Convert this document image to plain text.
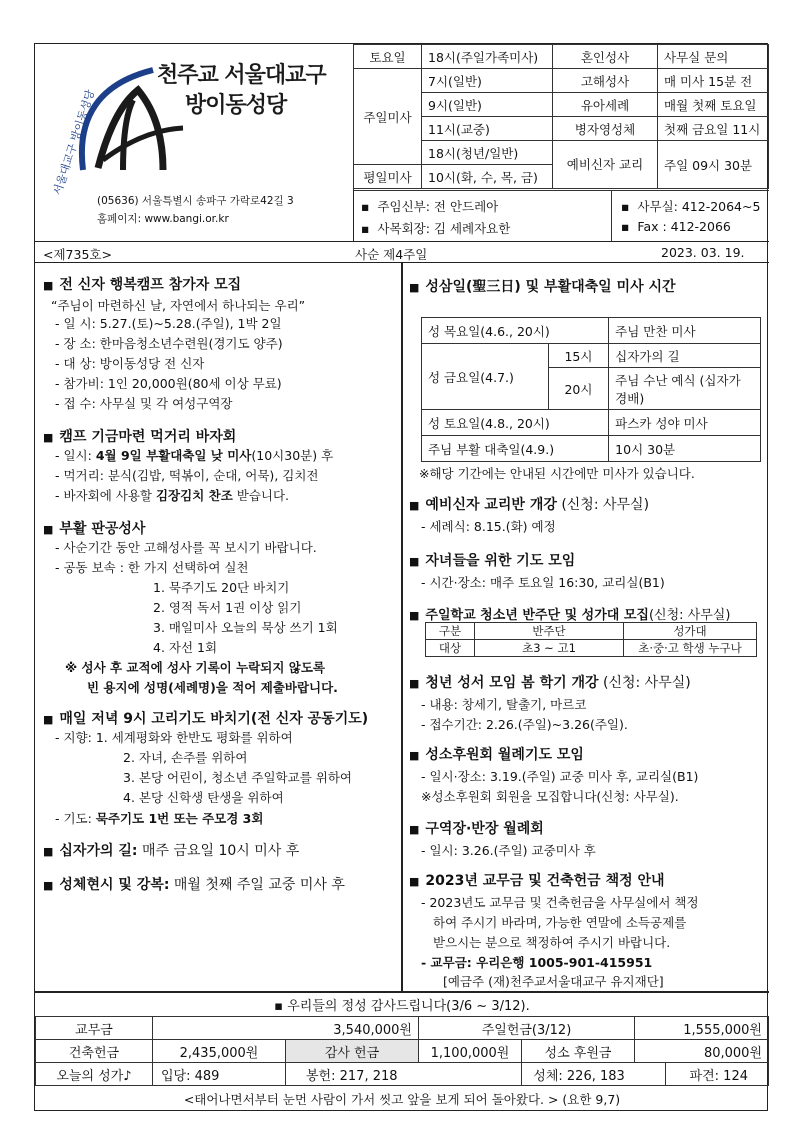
서울대교구 방이동성당
천주교 서울대교구
방이동성당
(05636) 서울특별시 송파구 가락로42길 3
홈페이지: www.bangi.or.kr
토요일	18시(주일가족미사)	혼인성사	사무실 문의
주일미사	7시(일반)	고해성사	매 미사 15분 전
	9시(일반)	유아세례	매월 첫째 토요일
	11시(교중)	병자영성체	첫째 금요일 11시
	18시(청년/일반)	예비신자 교리	주일 09시 30분
평일미사	10시(화, 수, 목, 금)		
▪  주임신부: 전 안드레아
▪  사목회장: 김 세례자요한
▪  사무실: 412-2064~5
▪  Fax : 412-2066
<제735호>	사순 제4주일	2023. 03. 19.
■ 전 신자 행복캠프 참가자 모집
“주님이 마련하신 날, 자연에서 하나되는 우리”
- 일 시: 5.27.(토)~5.28.(주일), 1박 2일
- 장 소: 한마음청소년수련원(경기도 양주)
- 대 상: 방이동성당 전 신자
- 참가비: 1인 20,000원(80세 이상 무료)
- 접 수: 사무실 및 각 여성구역장
■ 캠프 기금마련 먹거리 바자회
- 일시: 4월 9일 부활대축일 낮 미사(10시30분) 후
- 먹거리: 분식(김밥, 떡볶이, 순대, 어묵), 김치전
- 바자회에 사용할 김장김치 찬조 받습니다.
■ 부활 판공성사
- 사순기간 동안 고해성사를 꼭 보시기 바랍니다.
- 공동 보속 : 한 가지 선택하여 실천
1. 묵주기도 20단 바치기
2. 영적 독서 1권 이상 읽기
3. 매일미사 오늘의 묵상 쓰기 1회
4. 자선 1회
※ 성사 후 교적에 성사 기록이 누락되지 않도록
빈 용지에 성명(세례명)을 적어 제출바랍니다.
■ 매일 저녁 9시 고리기도 바치기(전 신자 공동기도)
- 지향: 1. 세계평화와 한반도 평화를 위하여
2. 자녀, 손주를 위하여
3. 본당 어린이, 청소년 주일학교를 위하여
4. 본당 신학생 탄생을 위하여
- 기도: 묵주기도 1번 또는 주모경 3회
■ 십자가의 길: 매주 금요일 10시 미사 후
■ 성체현시 및 강복: 매월 첫째 주일 교중 미사 후
■ 성삼일(聖三日) 및 부활대축일 미사 시간
성 목요일(4.6., 20시)		주님 만찬 미사
성 금요일(4.7.)	15시	십자가의 길
	20시	주님 수난 예식 (십자가 경배)
성 토요일(4.8., 20시)		파스카 성야 미사
주님 부활 대축일(4.9.)		10시 30분
※해당 기간에는 안내된 시간에만 미사가 있습니다.
■ 예비신자 교리반 개강 (신청: 사무실)
- 세례식: 8.15.(화) 예정
■ 자녀들을 위한 기도 모임
- 시간·장소: 매주 토요일 16:30, 교리실(B1)
■ 주일학교 청소년 반주단 및 성가대 모집(신청: 사무실)
구분	반주단	성가대
대상	초3 ~ 고1	초·중·고 학생 누구나
■ 청년 성서 모임 봄 학기 개강 (신청: 사무실)
- 내용: 창세기, 탈출기, 마르코
- 접수기간: 2.26.(주일)~3.26(주일).
■ 성소후원회 월례기도 모임
- 일시·장소: 3.19.(주일) 교중 미사 후, 교리실(B1)
※성소후원회 회원을 모집합니다(신청: 사무실).
■ 구역장·반장 월례회
- 일시: 3.26.(주일) 교중미사 후
■ 2023년 교무금 및 건축헌금 책정 안내
- 2023년도 교무금 및 건축헌금을 사무실에서 책정
하여 주시기 바라며, 가능한 연말에 소득공제를
받으시는 분으로 책정하여 주시기 바랍니다.
- 교무금: 우리은행 1005-901-415951
[예금주 (재)천주교서울대교구 유지재단]
▪ 우리들의 정성 감사드립니다(3/6 ~ 3/12).
교무금	3,540,000원		주일헌금(3/12)		1,555,000원	
건축헌금	2,435,000원	감사 헌금	1,100,000원	성소 후원금	80,000원	
오늘의 성가♪	입당: 489	봉헌: 217, 218		성체: 226, 183		파견: 124
<태어나면서부터 눈먼 사람이 가서 씻고 앞을 보게 되어 돌아왔다. > (요한 9,7)
